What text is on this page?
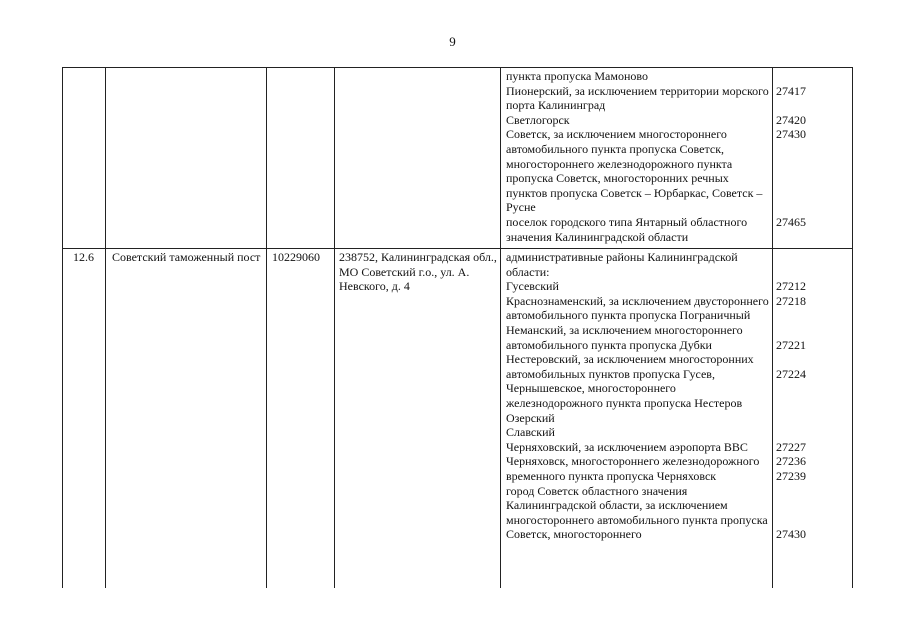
9

пункта пропуска Мамоново

Пионерский, за исключением территории морского порта Калининград

Светлогорск

Советск, за исключением многостороннего автомобильного пункта пропуска Советск, многостороннего железнодорожного пункта пропуска Советск, многосторонних речных пунктов пропуска Советск – Юрбаркас, Советск – Русне

поселок городского типа Янтарный областного значения Калининградской области

27417
27420
27430
27465
12.6	Советский таможенный пост 10229060	238752, Калининградская обл., МО Советский г.о., ул. А. Невского, д. 4

административные районы Калининградской области:

Гусевский

Краснознаменский, за исключением двустороннего автомобильного пункта пропуска Пограничный

Неманский, за исключением многостороннего автомобильного пункта пропуска Дубки

Нестеровский, за исключением многосторонних автомобильных пунктов пропуска Гусев, Чернышевское, многостороннего железнодорожного пункта пропуска Нестеров

Озерский

Славский

Черняховский, за исключением аэропорта ВВС Черняховск, многостороннего железнодорожного временного пункта пропуска Черняховск

город Советск областного значения Калининградской области, за исключением многостороннего автомобильного пункта пропуска Советск, многостороннего

27212
27218
27221
27224
27227
27236
27239
27430
